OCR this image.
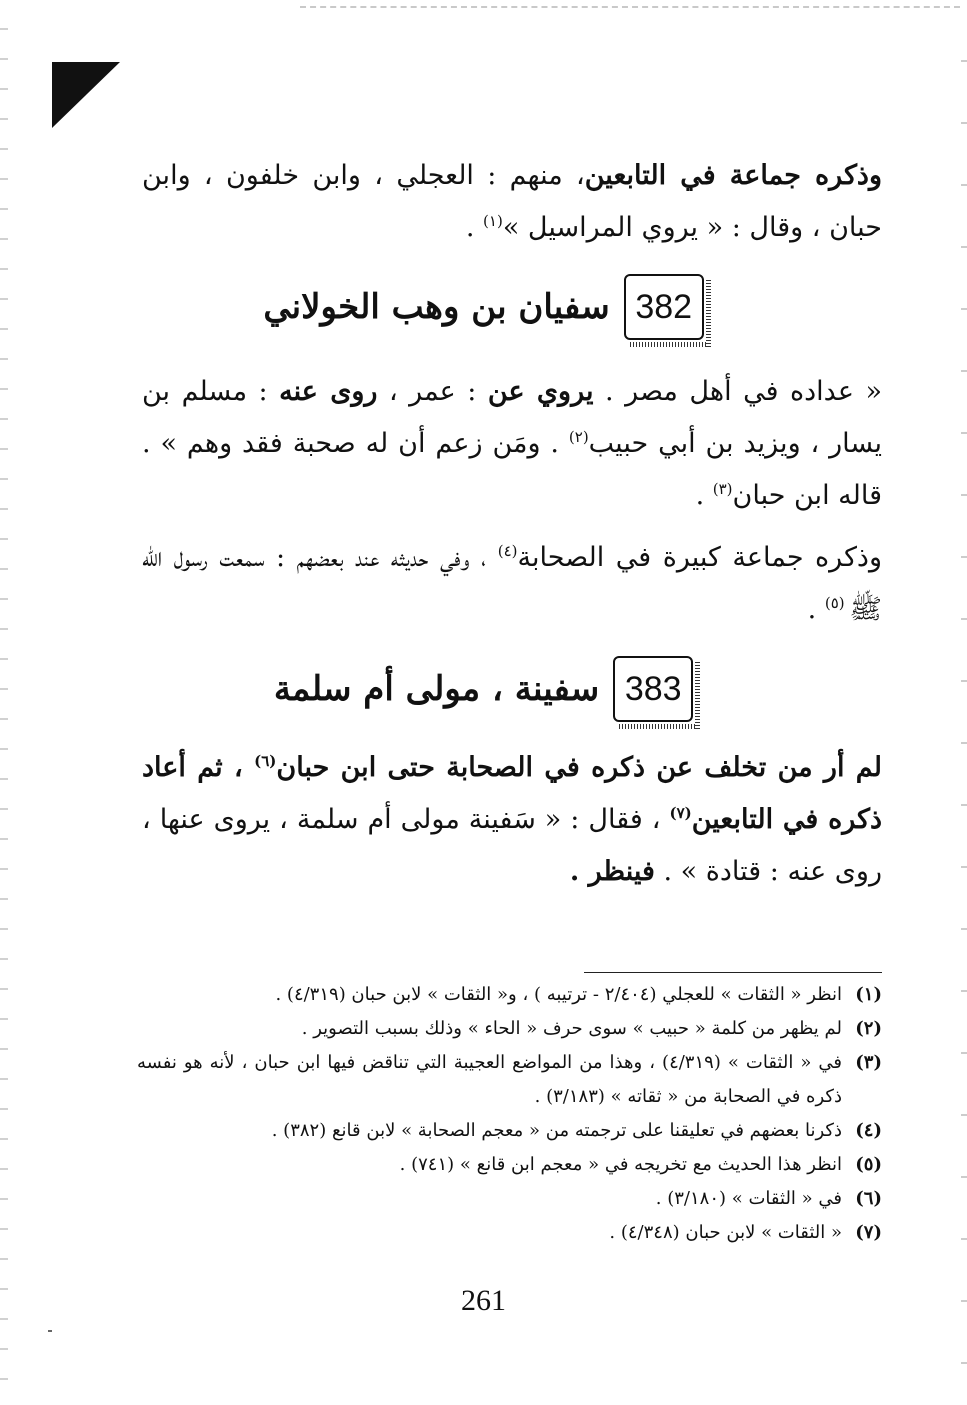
وذكره جماعة في التابعين، منهم : العجلي ، وابن خلفون ، وابن حبان ، وقال : « يروي المراسيل »$^{(١)}$ .
382
سفيان بن وهب الخولاني
« عداده في أهل مصر . يروي عن : عمر ، روى عنه : مسلم بن يسار ، ويزيد بن أبي حبيب$^{(٢)}$ . ومَن زعم أن له صحبة فقد وهم » . قاله ابن حبان$^{(٣)}$ .
وذكره جماعة كبيرة في الصحابة$^{(٤)}$ ، وفي حديثه عند بعضهم : سمعت رسول الله ﷺ $^{(٥)}$ .
383
سفينة ، مولى أم سلمة
لم أر من تخلف عن ذكره في الصحابة حتى ابن حبان$^{(٦)}$ ، ثم أعاد ذكره في التابعين$^{(٧)}$ ، فقال : « سَفينة مولى أم سلمة ، يروى عنها ، روى عنه : قتادة » . فينظر .
(١)
انظر « الثقات » للعجلي (٢/٤٠٤ - ترتيبه ) ، و« الثقات » لابن حبان (٤/٣١٩) .
(٢)
لم يظهر من كلمة « حبيب » سوى حرف « الحاء » وذلك بسبب التصوير .
(٣)
في « الثقات » (٤/٣١٩) ، وهذا من المواضع العجيبة التي تناقض فيها ابن حبان ، لأنه هو نفسه ذكره في الصحابة من « ثقاته » (٣/١٨٣) .
(٤)
ذكرنا بعضهم في تعليقنا على ترجمته من « معجم الصحابة » لابن قانع (٣٨٢) .
(٥)
انظر هذا الحديث مع تخريجه في « معجم ابن قانع » (٧٤١) .
(٦)
في « الثقات » (٣/١٨٠) .
(٧)
« الثقات » لابن حبان (٤/٣٤٨) .
261
